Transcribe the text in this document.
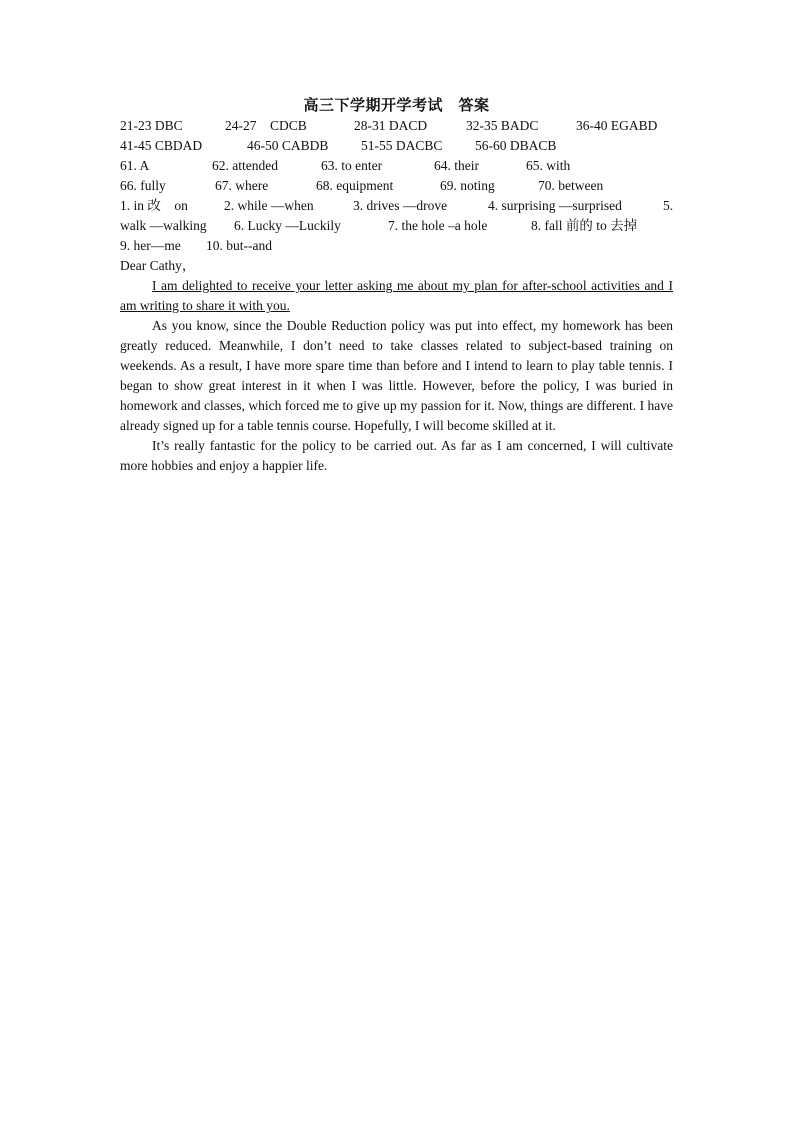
高三下学期开学考试　答案
21-23 DBC	24-27　CDCB	28-31 DACD	32-35 BADC	36-40 EGABD
41-45 CBDAD	46-50 CABDB 51-55 DACBC 56-60 DBACB
61. A	62. attended	63. to enter	64. their	65. with
66. fully	67. where	68. equipment	69. noting	70. between
1. in 改　on	2. while —when	3. drives —drove	4. surprising —surprised	5.
walk —walking 6. Lucky —Luckily	7. the hole –a hole	8. fall 前的 to 去掉
9. her—me 10. but--and
Dear Cathy，

I am delighted to receive your letter asking me about my plan for after-school activities and I am writing to share it with you.

As you know, since the Double Reduction policy was put into effect, my homework has been greatly reduced. Meanwhile, I don’t need to take classes related to subject-based training on weekends. As a result, I have more spare time than before and I intend to learn to play table tennis. I began to show great interest in it when I was little. However, before the policy, I was buried in homework and classes, which forced me to give up my passion for it. Now, things are different. I have already signed up for a table tennis course. Hopefully, I will become skilled at it.

It’s really fantastic for the policy to be carried out. As far as I am concerned, I will cultivate more hobbies and enjoy a happier life.
